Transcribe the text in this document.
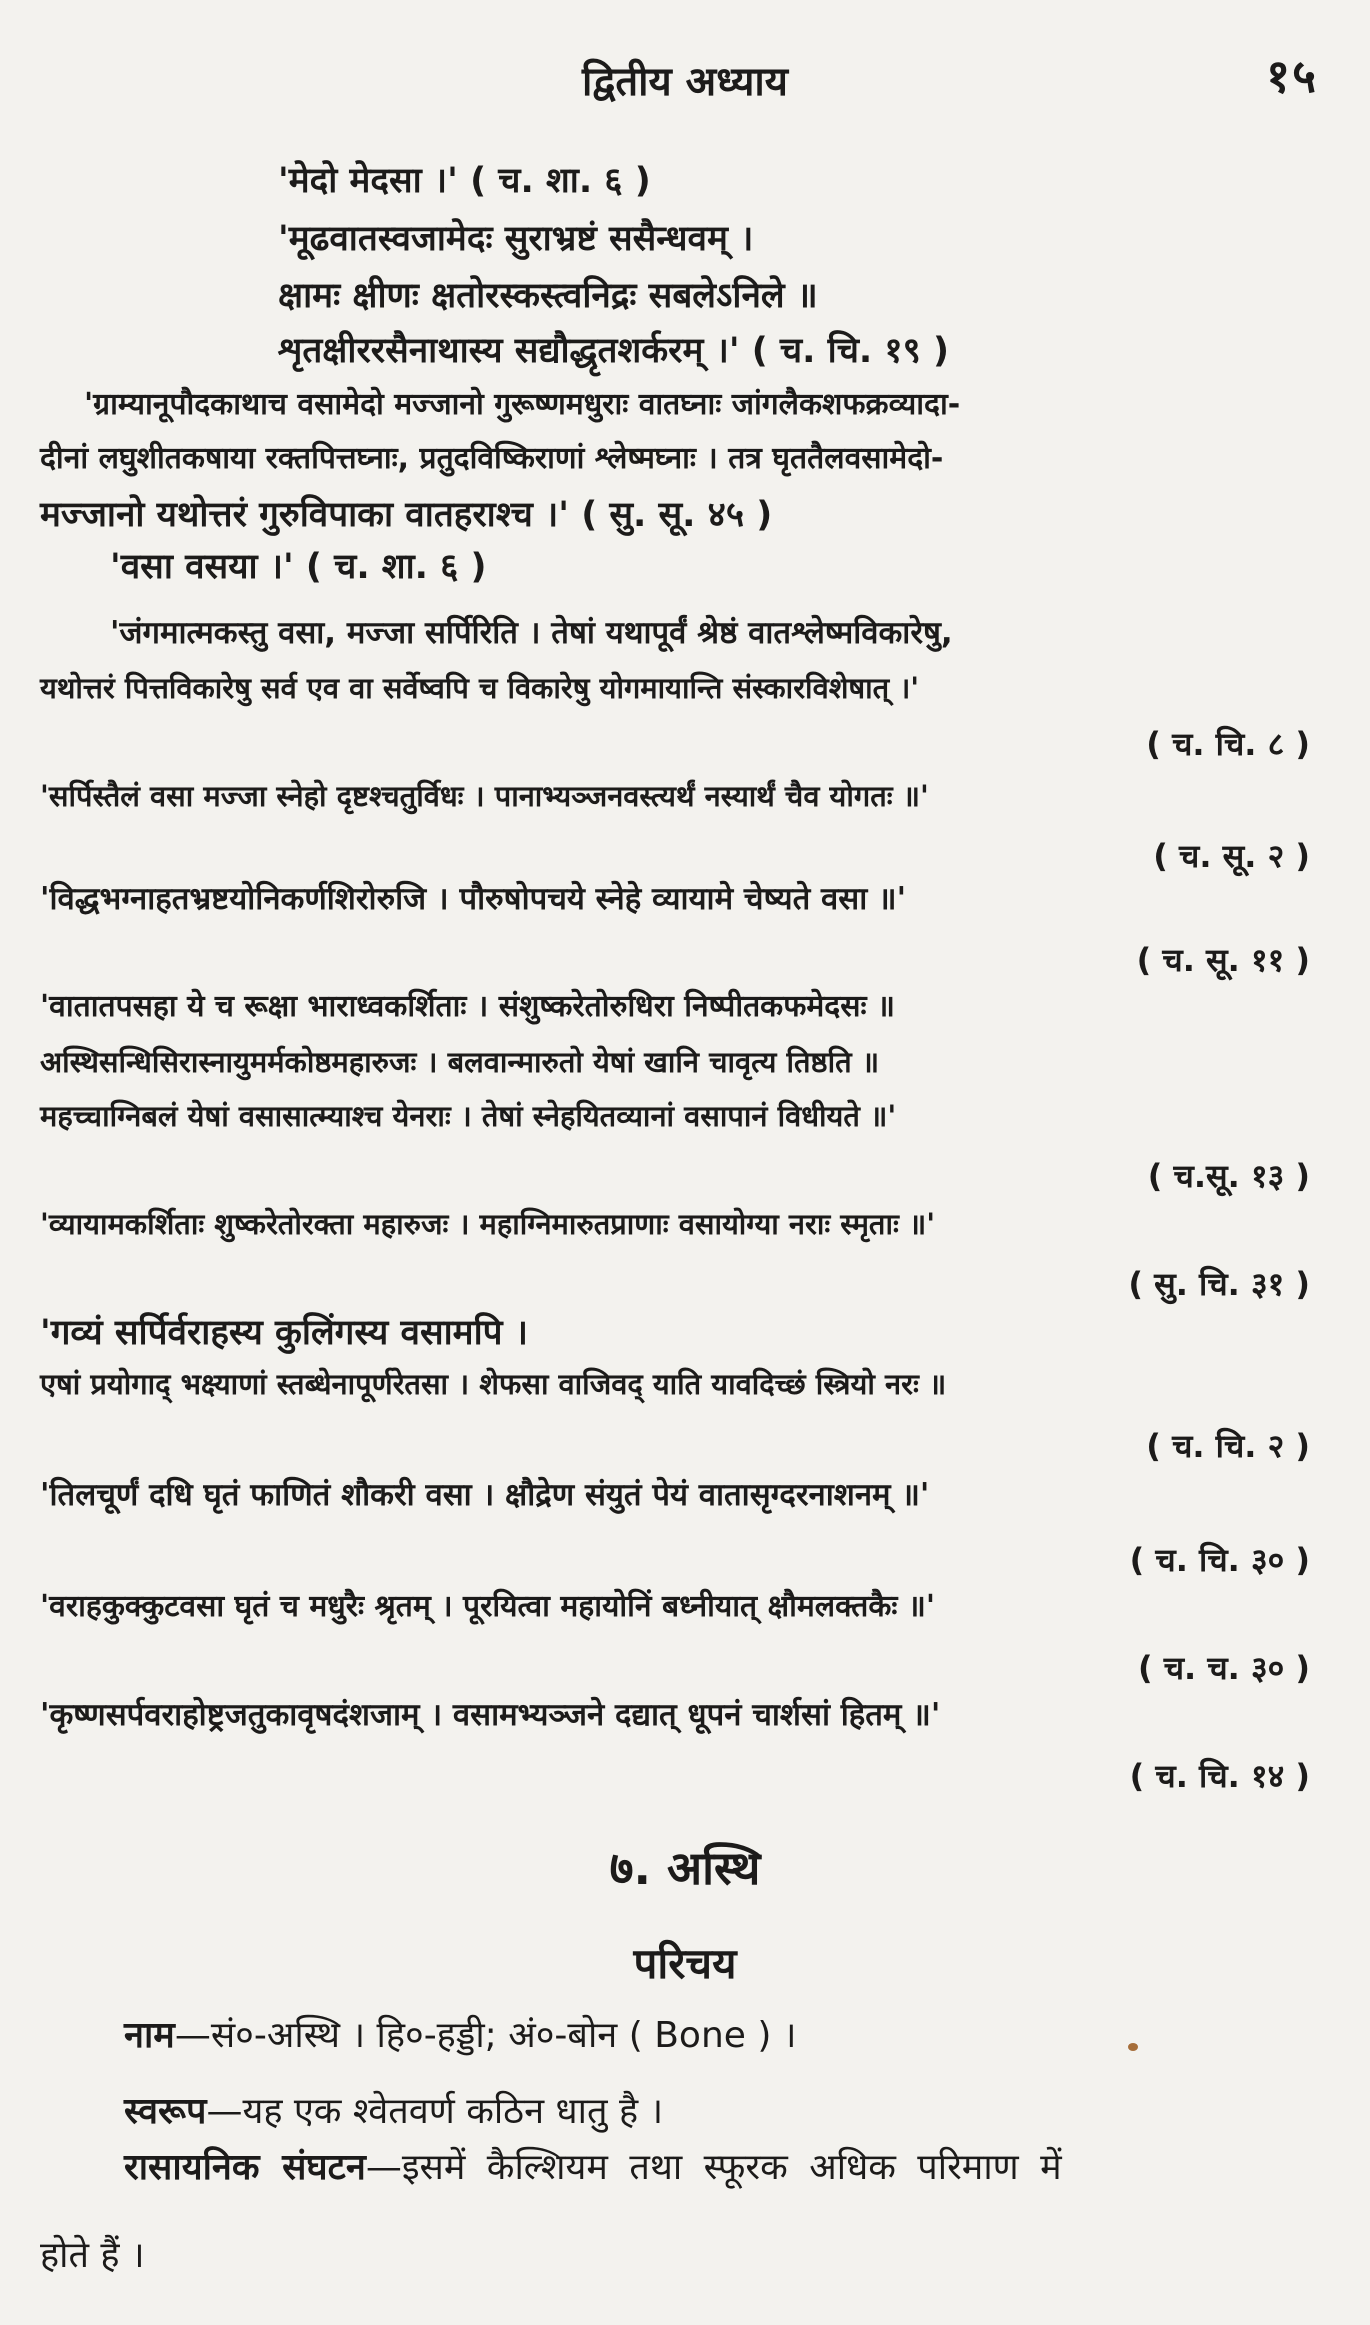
द्वितीय अध्याय	१५
'मेदो मेदसा ।' ( च. शा. ६ )
'मूढवातस्वजामेदः सुराभ्रष्टं ससैन्धवम् ।
क्षामः क्षीणः क्षतोरस्कस्त्वनिद्रः सबलेऽनिले ॥
शृतक्षीररसैनाथास्य सद्यौद्धृतशर्करम् ।' ( च. चि. १९ )
'ग्राम्यानूपौदकाथाच वसामेदो मज्जानो गुरूष्णमधुराः वातघ्नाः जांगलैकशफक्रव्यादा-
दीनां लघुशीतकषाया रक्तपित्तघ्नाः, प्रतुदविष्किराणां श्लेष्मघ्नाः । तत्र घृततैलवसामेदो-
मज्जानो यथोत्तरं गुरुविपाका वातहराश्च ।' ( सु. सू. ४५ )
'वसा वसया ।' ( च. शा. ६ )
'जंगमात्मकस्तु वसा, मज्जा सर्पिरिति । तेषां यथापूर्वं श्रेष्ठं वातश्लेष्मविकारेषु,
यथोत्तरं पित्तविकारेषु सर्व एव वा सर्वेष्वपि च विकारेषु योगमायान्ति संस्कारविशेषात् ।'
( च. चि. ८ )
'सर्पिस्तैलं वसा मज्जा स्नेहो दृष्टश्चतुर्विधः । पानाभ्यञ्जनवस्त्यर्थं नस्यार्थं चैव योगतः ॥'
( च. सू. २ )
'विद्धभग्नाहतभ्रष्टयोनिकर्णशिरोरुजि । पौरुषोपचये स्नेहे व्यायामे चेष्यते वसा ॥'
( च. सू. ११ )
'वातातपसहा ये च रूक्षा भाराध्वकर्शिताः । संशुष्करेतोरुधिरा निष्पीतकफमेदसः ॥
अस्थिसन्धिसिरास्नायुमर्मकोष्ठमहारुजः । बलवान्मारुतो येषां खानि चावृत्य तिष्ठति ॥
महच्चाग्निबलं येषां वसासात्म्याश्च येनराः । तेषां स्नेहयितव्यानां वसापानं विधीयते ॥'
( च.सू. १३ )
'व्यायामकर्शिताः शुष्करेतोरक्ता महारुजः । महाग्निमारुतप्राणाः वसायोग्या नराः स्मृताः ॥'
( सु. चि. ३१ )
'गव्यं सर्पिर्वराहस्य कुलिंगस्य वसामपि ।
एषां प्रयोगाद् भक्ष्याणां स्तब्धेनापूर्णरेतसा । शेफसा वाजिवद् याति यावदिच्छं स्त्रियो नरः ॥
( च. चि. २ )
'तिलचूर्णं दधि घृतं फाणितं शौकरी वसा । क्षौद्रेण संयुतं पेयं वातासृग्दरनाशनम् ॥'
( च. चि. ३० )
'वराहकुक्कुटवसा घृतं च मधुरैः श्रृतम् । पूरयित्वा महायोनिं बध्नीयात् क्षौमलक्तकैः ॥'
( च. च. ३० )
'कृष्णसर्पवराहोष्ट्रजतुकावृषदंशजाम् । वसामभ्यञ्जने दद्यात् धूपनं चार्शसां हितम् ॥'
( च. चि. १४ )
७. अस्थि
परिचय
नाम—सं०-अस्थि । हि०-हड्डी; अं०-बोन ( Bone ) ।
स्वरूप—यह एक श्वेतवर्ण कठिन धातु है ।
रासायनिक संघटन—इसमें कैल्शियम तथा स्फूरक अधिक परिमाण में
होते हैं ।
